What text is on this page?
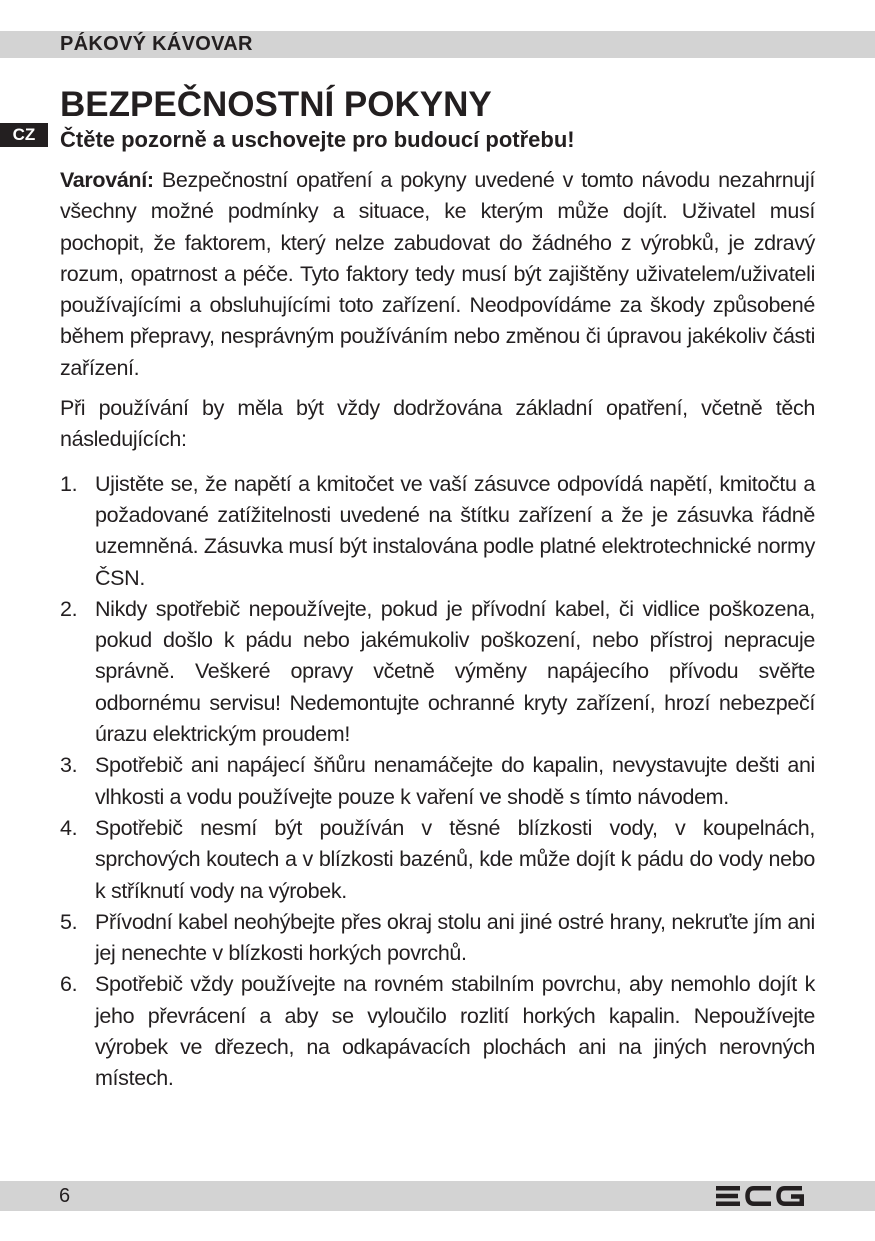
PÁKOVÝ KÁVOVAR
CZ
BEZPEČNOSTNÍ POKYNY
Čtěte pozorně a uschovejte pro budoucí potřebu!

Varování: Bezpečnostní opatření a pokyny uvedené v tomto návodu nezahrnují všechny možné podmínky a situace, ke kterým může dojít. Uživatel musí pochopit, že faktorem, který nelze zabudovat do žádného z výrobků, je zdravý rozum, opatrnost a péče. Tyto faktory tedy musí být zajištěny uživatelem/uživateli používajícími a obsluhujícími toto zařízení. Neodpovídáme za škody způsobené během přepravy, nesprávným používáním nebo změnou či úpravou jakékoliv části zařízení.

Při používání by měla být vždy dodržována základní opatření, včetně těch následujících:

1. Ujistěte se, že napětí a kmitočet ve vaší zásuvce odpovídá napětí, kmitočtu a požadované zatížitelnosti uvedené na štítku zařízení a že je zásuvka řádně uzemněná. Zásuvka musí být instalována podle platné elektrotechnické normy ČSN.
2. Nikdy spotřebič nepoužívejte, pokud je přívodní kabel, či vidlice poškozena, pokud došlo k pádu nebo jakémukoliv poškození, nebo přístroj nepracuje správně. Veškeré opravy včetně výměny napájecího přívodu svěřte odbornému servisu! Nedemontujte ochranné kryty zařízení, hrozí nebezpečí úrazu elektrickým proudem!
3. Spotřebič ani napájecí šňůru nenamáčejte do kapalin, nevystavujte dešti ani vlhkosti a vodu používejte pouze k vaření ve shodě s tímto návodem.
4. Spotřebič nesmí být používán v těsné blízkosti vody, v koupelnách, sprchových koutech a v blízkosti bazénů, kde může dojít k pádu do vody nebo k stříknutí vody na výrobek.
5. Přívodní kabel neohýbejte přes okraj stolu ani jiné ostré hrany, nekruťte jím ani jej nenechte v blízkosti horkých povrchů.
6. Spotřebič vždy používejte na rovném stabilním povrchu, aby nemohlo dojít k jeho převrácení a aby se vyloučilo rozlití horkých kapalin. Nepoužívejte výrobek ve dřezech, na odkapávacích plochách ani na jiných nerovných místech.
6
